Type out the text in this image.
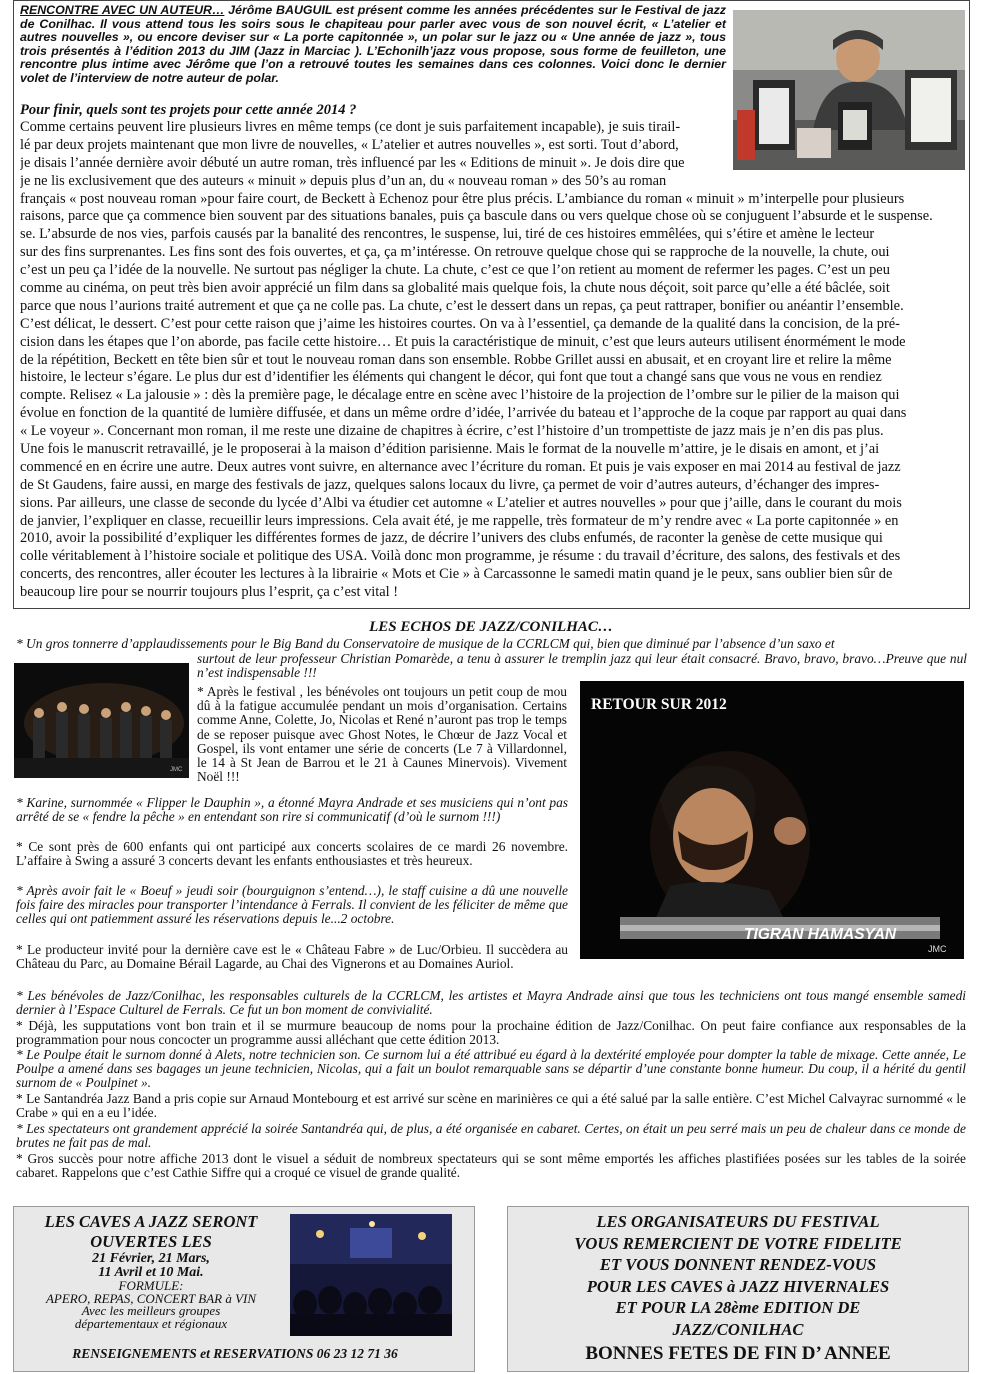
RENCONTRE AVEC UN AUTEUR… Jérôme BAUGUIL est présent comme les années précédentes sur le Festival de jazz de Conilhac. Il vous attend tous les soirs sous le chapiteau pour parler avec vous de son nouvel écrit, « L’atelier et autres nouvelles », ou encore deviser sur « La porte capitonnée », un polar sur le jazz ou « Une année de jazz », tous trois présentés à l’édition 2013 du JIM (Jazz in Marciac ). L’Echonilh’jazz vous propose, sous forme de feuilleton, une rencontre plus intime avec Jérôme que l’on a retrouvé toutes les semaines dans ces colonnes. Voici donc le dernier volet de l’interview de notre auteur de polar.

Pour finir, quels sont tes projets pour cette année 2014 ?

Comme certains peuvent lire plusieurs livres en même temps (ce dont je suis parfaitement incapable), je suis tirail-
lé par deux projets maintenant que mon livre de nouvelles, « L’atelier et autres nouvelles », est sorti. Tout d’abord,
je disais l’année dernière avoir débuté un autre roman, très influencé par les « Editions de minuit ». Je dois dire que
je ne lis exclusivement que des auteurs « minuit » depuis plus d’un an, du « nouveau roman » des 50’s au roman
français « post nouveau roman »pour faire court, de Beckett à Echenoz pour être plus précis. L’ambiance du roman « minuit » m’interpelle pour plusieurs
raisons, parce que ça commence bien souvent par des situations banales, puis ça bascule dans ou vers quelque chose où se conjuguent l’absurde et le suspense.
se. L’absurde de nos vies, parfois causés par la banalité des rencontres, le suspense, lui, tiré de ces histoires emmêlées, qui s’étire et amène le lecteur
sur des fins surprenantes. Les fins sont des fois ouvertes, et ça, ça m’intéresse. On retrouve quelque chose qui se rapproche de la nouvelle, la chute, oui
c’est un peu ça l’idée de la nouvelle. Ne surtout pas négliger la chute. La chute, c’est ce que l’on retient au moment de refermer les pages. C’est un peu
comme au cinéma, on peut très bien avoir apprécié un film dans sa globalité mais quelque fois, la chute nous déçoit, soit parce qu’elle a été bâclée, soit
parce que nous l’aurions traité autrement et que ça ne colle pas. La chute, c’est le dessert dans un repas, ça peut rattraper, bonifier ou anéantir l’ensemble.
C’est délicat, le dessert. C’est pour cette raison que j’aime les histoires courtes. On va à l’essentiel, ça demande de la qualité dans la concision, de la pré-
cision dans les étapes que l’on aborde, pas facile cette histoire… Et puis la caractéristique de minuit, c’est que leurs auteurs utilisent énormément le mode
de la répétition, Beckett en tête bien sûr et tout le nouveau roman dans son ensemble. Robbe Grillet aussi en abusait, et en croyant lire et relire la même
histoire, le lecteur s’égare. Le plus dur est d’identifier les éléments qui changent le décor, qui font que tout a changé sans que vous ne vous en rendiez
compte. Relisez « La jalousie » : dès la première page, le décalage entre en scène avec l’histoire de la projection de l’ombre sur le pilier de la maison qui
évolue en fonction de la quantité de lumière diffusée, et dans un même ordre d’idée, l’arrivée du bateau et l’approche de la coque par rapport au quai dans
« Le voyeur ». Concernant mon roman, il me reste une dizaine de chapitres à écrire, c’est l’histoire d’un trompettiste de jazz mais je n’en dis pas plus.
Une fois le manuscrit retravaillé, je le proposerai à la maison d’édition parisienne. Mais le format de la nouvelle m’attire, je le disais en amont, et j’ai
commencé en en écrire une autre. Deux autres vont suivre, en alternance avec l’écriture du roman. Et puis je vais exposer en mai 2014 au festival de jazz
de St Gaudens, faire aussi, en marge des festivals de jazz, quelques salons locaux du livre, ça permet de voir d’autres auteurs, d’échanger des impres-
sions. Par ailleurs, une classe de seconde du lycée d’Albi va étudier cet automne « L’atelier et autres nouvelles » pour que j’aille, dans le courant du mois
de janvier, l’expliquer en classe, recueillir leurs impressions. Cela avait été, je me rappelle, très formateur de m’y rendre avec « La porte capitonnée » en
2010, avoir la possibilité d’expliquer les différentes formes de jazz, de décrire l’univers des clubs enfumés, de raconter la genèse de cette musique qui
colle véritablement à l’histoire sociale et politique des USA. Voilà donc mon programme, je résume : du travail d’écriture, des salons, des festivals et des
concerts, des rencontres, aller écouter les lectures à la librairie « Mots et Cie » à Carcassonne le samedi matin quand je le peux, sans oublier bien sûr de
beaucoup lire pour se nourrir toujours plus l’esprit, ça c’est vital !

LES ECHOS DE JAZZ/CONILHAC…

* Un gros tonnerre d’applaudissements pour le Big Band du Conservatoire de musique de la CCRLCM qui, bien que diminué par l’absence d’un saxo et

surtout de leur professeur Christian Pomarède, a tenu à assurer le tremplin jazz qui leur était consacré. Bravo, bravo, bravo…Preuve que nul n’est indispensable !!!

JMC

* Après le festival , les bénévoles ont toujours un petit coup de mou dû à la fatigue accumulée pendant un mois d’organisation. Certains comme Anne, Colette, Jo, Nicolas et René n’auront pas trop le temps de se reposer puisque avec Ghost Notes, le Chœur de Jazz Vocal et Gospel, ils vont entamer une série de concerts (Le 7 à Villardonnel, le 14 à St Jean de Barrou et le 21 à Caunes Minervois). Vivement Noël !!!

RETOUR SUR 2012

TIGRAN HAMASYAN

JMC

* Karine, surnommée « Flipper le Dauphin », a étonné Mayra Andrade et ses musiciens qui n’ont pas arrêté de se « fendre la pêche » en entendant son rire si communicatif (d’où le surnom !!!)

* Ce sont près de 600 enfants qui ont participé aux concerts scolaires de ce mardi 26 novembre. L’affaire à Swing a assuré 3 concerts devant les enfants enthousiastes et très heureux.

* Après avoir fait le « Boeuf » jeudi soir (bourguignon s’entend…), le staff cuisine a dû une nouvelle fois faire des miracles pour transporter l’intendance à Ferrals. Il convient de les féliciter de même que celles qui ont patiemment assuré les réservations depuis le...2 octobre.

* Le producteur invité pour la dernière cave est le « Château Fabre » de Luc/Orbieu. Il succèdera au Château du Parc, au Domaine Bérail Lagarde, au Chai des Vignerons et au Domaines Auriol.

* Les bénévoles de Jazz/Conilhac, les responsables culturels de la CCRLCM, les artistes et Mayra Andrade ainsi que tous les techniciens ont tous mangé ensemble samedi dernier à l’Espace Culturel de Ferrals. Ce fut un bon moment de convivialité.

* Déjà, les supputations vont bon train et il se murmure beaucoup de noms pour la prochaine édition de Jazz/Conilhac. On peut faire confiance aux responsables de la programmation pour nous concocter un programme aussi alléchant que cette édition 2013.

* Le Poulpe était le surnom donné à Alets, notre technicien son. Ce surnom lui a été attribué eu égard à la dextérité employée pour dompter la table de mixage. Cette année, Le Poulpe a amené dans ses bagages un jeune technicien, Nicolas, qui a fait un boulot remarquable sans se départir d’une constante bonne humeur. Du coup, il a hérité du gentil surnom de « Poulpinet ».

* Le Santandréa Jazz Band a pris copie sur Arnaud Montebourg et est arrivé sur scène en marinières ce qui a été salué par la salle entière. C’est Michel Calvayrac surnommé « le Crabe » qui en a eu l’idée.

* Les spectateurs ont grandement apprécié la soirée Santandréa qui, de plus, a été organisée en cabaret. Certes, on était un peu serré mais un peu de chaleur dans ce monde de brutes ne fait pas de mal.

* Gros succès pour notre affiche 2013 dont le visuel a séduit de nombreux spectateurs qui se sont même emportés les affiches plastifiées posées sur les tables de la soirée cabaret. Rappelons que c’est Cathie Siffre qui a croqué ce visuel de grande qualité.

LES CAVES A JAZZ SERONT
OUVERTES LES
21 Février, 21 Mars,
11 Avril et 10 Mai.
FORMULE:
APERO, REPAS, CONCERT BAR à VIN
Avec les meilleurs groupes
départementaux et régionaux

RENSEIGNEMENTS et RESERVATIONS 06 23 12 71 36

LES ORGANISATEURS DU FESTIVAL
VOUS REMERCIENT DE VOTRE FIDELITE
ET VOUS DONNENT RENDEZ-VOUS
POUR LES CAVES à JAZZ HIVERNALES
ET POUR LA 28ème EDITION DE
JAZZ/CONILHAC

BONNES FETES DE FIN D’ ANNEE
